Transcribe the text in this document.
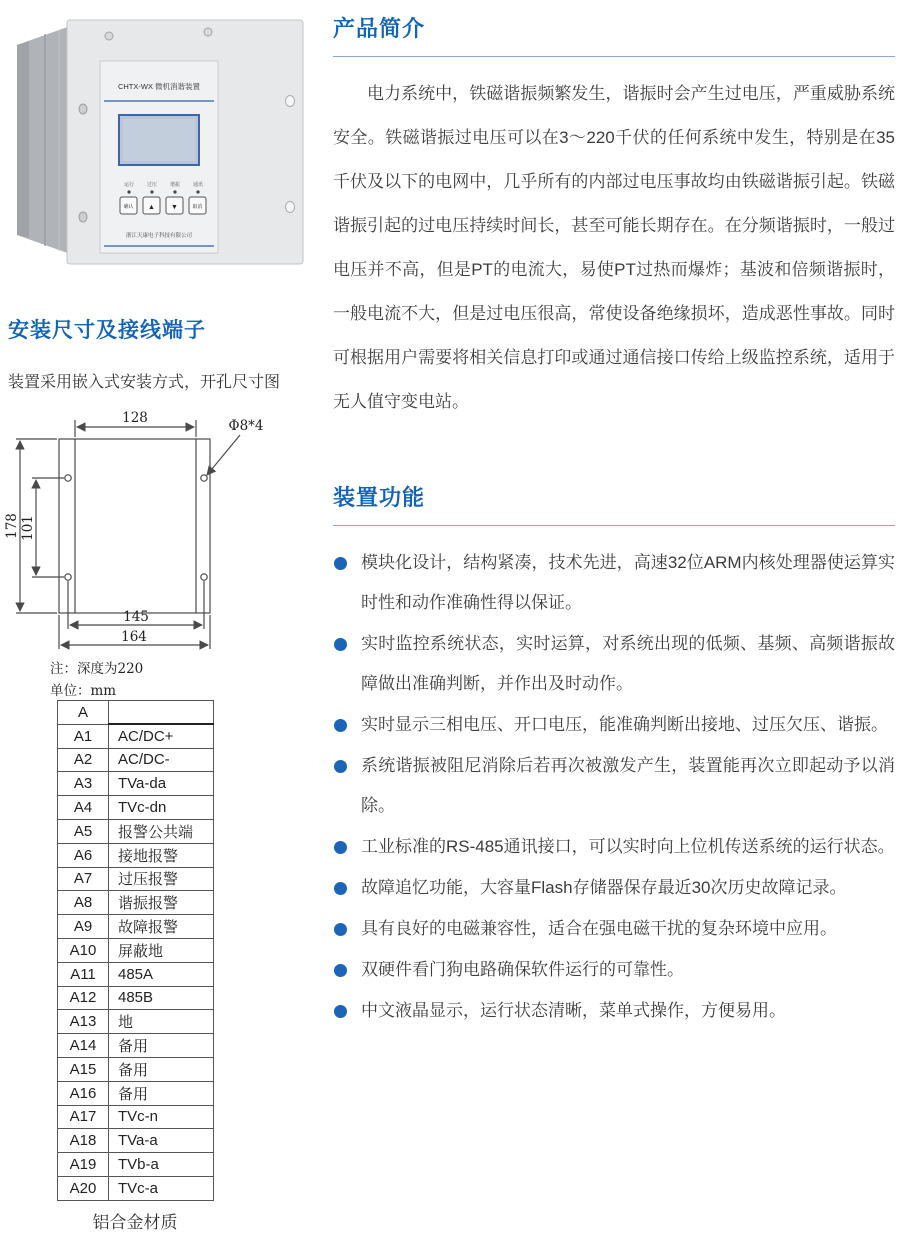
CHTX-WX 微机消谐装置
运行	过压	谐振	通讯
确认 ▲ ▼	取消
浙江天康电子科技有限公司
安装尺寸及接线端子
装置采用嵌入式安装方式，开孔尺寸图
128	Φ8*4
178 101
145
164
注：深度为220
单位：mm
A	
A1	AC/DC+
A2	AC/DC-
A3	TVa-da
A4	TVc-dn
A5	报警公共端
A6	接地报警
A7	过压报警
A8	谐振报警
A9	故障报警
A10	屏蔽地
A11	485A
A12	485B
A13	地
A14	备用
A15	备用
A16	备用
A17	TVc-n
A18	TVa-a
A19	TVb-a
A20	TVc-a
铝合金材质
产品简介

电力系统中，铁磁谐振频繁发生，谐振时会产生过电压，严重威胁系统安全。铁磁谐振过电压可以在3～220千伏的任何系统中发生，特别是在35千伏及以下的电网中，几乎所有的内部过电压事故均由铁磁谐振引起。铁磁谐振引起的过电压持续时间长，甚至可能长期存在。在分频谐振时，一般过电压并不高，但是PT的电流大，易使PT过热而爆炸；基波和倍频谐振时，一般电流不大，但是过电压很高，常使设备绝缘损坏，造成恶性事故。同时可根据用户需要将相关信息打印或通过通信接口传给上级监控系统，适用于无人值守变电站。

装置功能
模块化设计，结构紧凑，技术先进，高速32位ARM内核处理器使运算实时性和动作准确性得以保证。
实时监控系统状态，实时运算，对系统出现的低频、基频、高频谐振故障做出准确判断，并作出及时动作。
实时显示三相电压、开口电压，能准确判断出接地、过压欠压、谐振。
系统谐振被阻尼消除后若再次被激发产生，装置能再次立即起动予以消除。
工业标准的RS-485通讯接口，可以实时向上位机传送系统的运行状态。
故障追忆功能，大容量Flash存储器保存最近30次历史故障记录。
具有良好的电磁兼容性，适合在强电磁干扰的复杂环境中应用。
双硬件看门狗电路确保软件运行的可靠性。
中文液晶显示，运行状态清晰，菜单式操作，方便易用。
